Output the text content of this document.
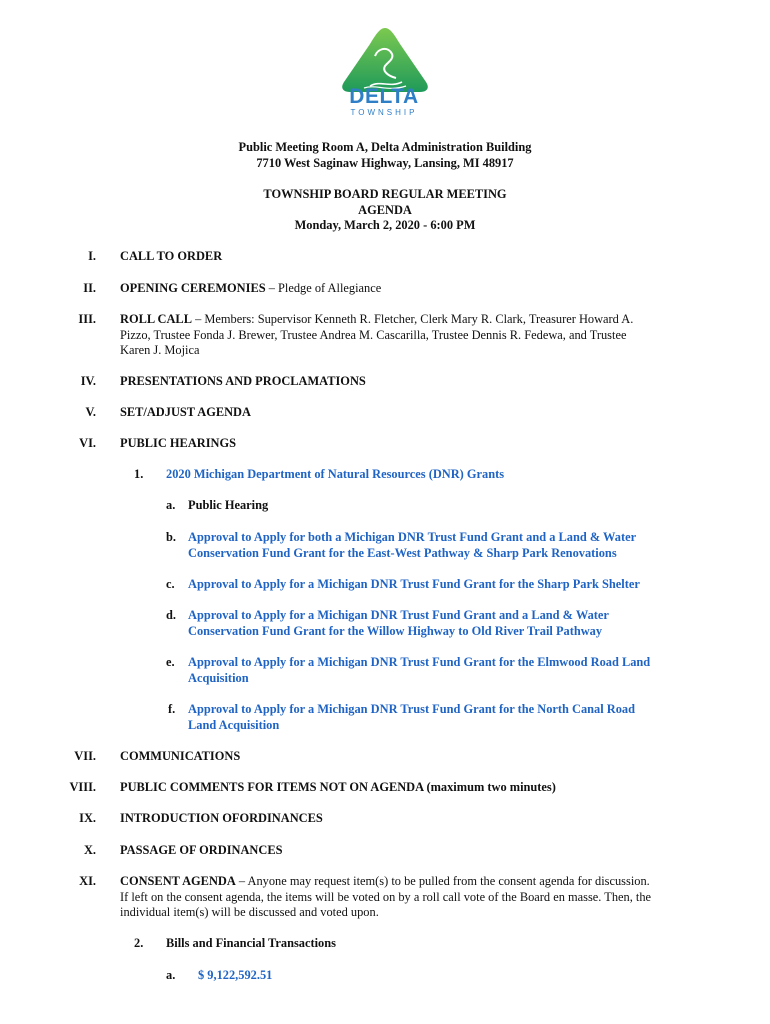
DELTA
TOWNSHIP
Public Meeting Room A, Delta Administration Building
7710 West Saginaw Highway, Lansing, MI 48917
TOWNSHIP BOARD REGULAR MEETING
AGENDA
Monday, March 2, 2020 - 6:00 PM
I. CALL TO ORDER
II. OPENING CEREMONIES – Pledge of Allegiance
III. ROLL CALL – Members: Supervisor Kenneth R. Fletcher, Clerk Mary R. Clark, Treasurer Howard A.
Pizzo, Trustee Fonda J. Brewer, Trustee Andrea M. Cascarilla, Trustee Dennis R. Fedewa, and Trustee
Karen J. Mojica
IV. PRESENTATIONS AND PROCLAMATIONS
V. SET/ADJUST AGENDA
VI. PUBLIC HEARINGS
1. 2020 Michigan Department of Natural Resources (DNR) Grants
a. Public Hearing
b. Approval to Apply for both a Michigan DNR Trust Fund Grant and a Land & Water
Conservation Fund Grant for the East-West Pathway & Sharp Park Renovations
c. Approval to Apply for a Michigan DNR Trust Fund Grant for the Sharp Park Shelter
d. Approval to Apply for a Michigan DNR Trust Fund Grant and a Land & Water
Conservation Fund Grant for the Willow Highway to Old River Trail Pathway
e. Approval to Apply for a Michigan DNR Trust Fund Grant for the Elmwood Road Land
Acquisition
f. Approval to Apply for a Michigan DNR Trust Fund Grant for the North Canal Road
Land Acquisition
VII. COMMUNICATIONS
VIII. PUBLIC COMMENTS FOR ITEMS NOT ON AGENDA (maximum two minutes)
IX. INTRODUCTION OFORDINANCES
X. PASSAGE OF ORDINANCES
XI. CONSENT AGENDA – Anyone may request item(s) to be pulled from the consent agenda for discussion.
If left on the consent agenda, the items will be voted on by a roll call vote of the Board en masse. Then, the
individual item(s) will be discussed and voted upon.
2. Bills and Financial Transactions
a. $ 9,122,592.51
